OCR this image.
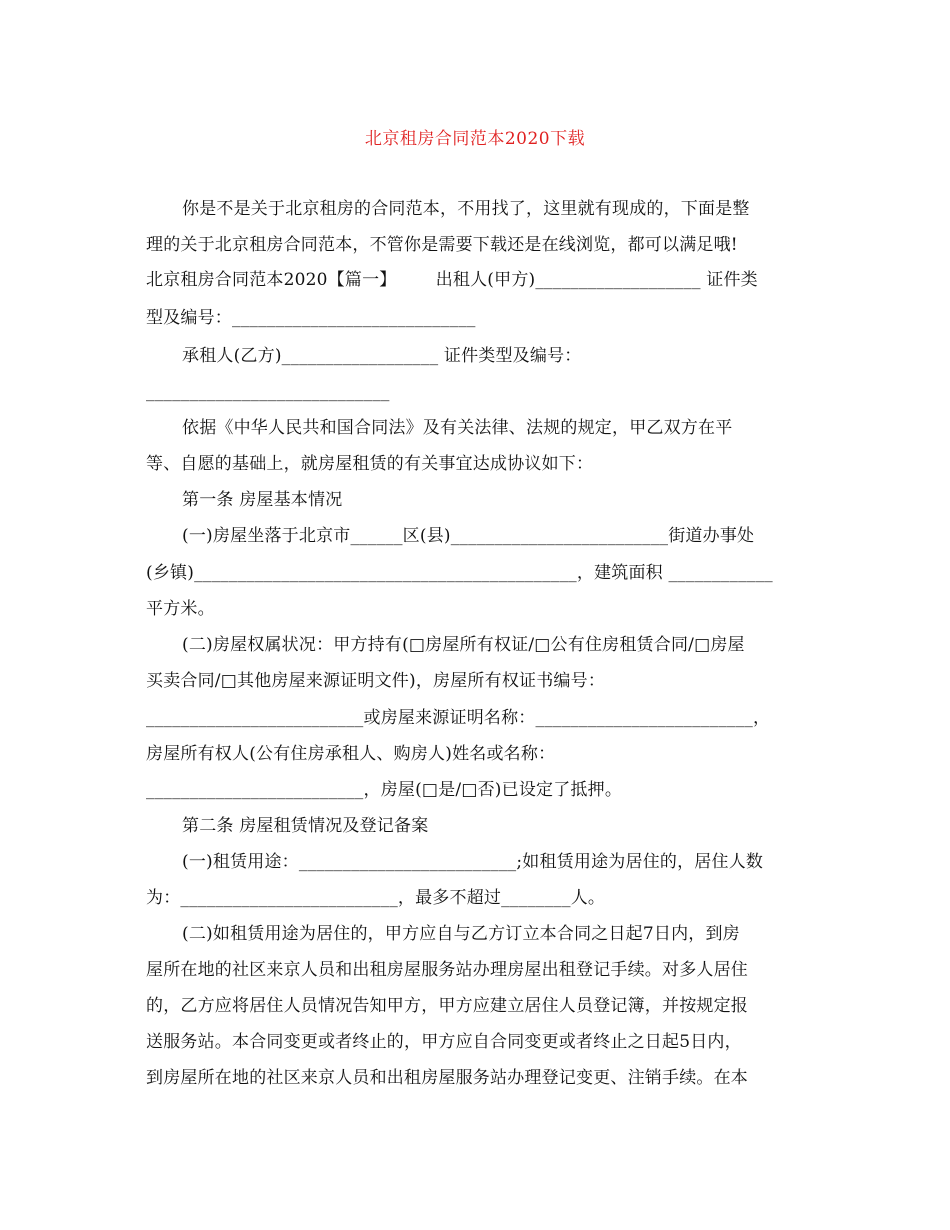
北京租房合同范本2020下载
你是不是关于北京租房的合同范本，不用找了，这里就有现成的，下面是整
理的关于北京租房合同范本，不管你是需要下载还是在线浏览，都可以满足哦!
北京租房合同范本2020【篇一】       出租人(甲方)___________________ 证件类
型及编号：____________________________
承租人(乙方)__________________ 证件类型及编号：
____________________________
依据《中华人民共和国合同法》及有关法律、法规的规定，甲乙双方在平
等、自愿的基础上，就房屋租赁的有关事宜达成协议如下：
第一条 房屋基本情况
(一)房屋坐落于北京市______区(县)_________________________街道办事处
(乡镇)____________________________________________，建筑面积 ____________
平方米。
(二)房屋权属状况：甲方持有(□房屋所有权证/□公有住房租赁合同/□房屋
买卖合同/□其他房屋来源证明文件)，房屋所有权证书编号：
_________________________或房屋来源证明名称：_________________________，
房屋所有权人(公有住房承租人、购房人)姓名或名称：
_________________________，房屋(□是/□否)已设定了抵押。
第二条 房屋租赁情况及登记备案
(一)租赁用途：_________________________;如租赁用途为居住的，居住人数
为：_________________________，最多不超过________人。
(二)如租赁用途为居住的，甲方应自与乙方订立本合同之日起7日内，到房
屋所在地的社区来京人员和出租房屋服务站办理房屋出租登记手续。对多人居住
的，乙方应将居住人员情况告知甲方，甲方应建立居住人员登记簿，并按规定报
送服务站。本合同变更或者终止的，甲方应自合同变更或者终止之日起5日内，
到房屋所在地的社区来京人员和出租房屋服务站办理登记变更、注销手续。在本
